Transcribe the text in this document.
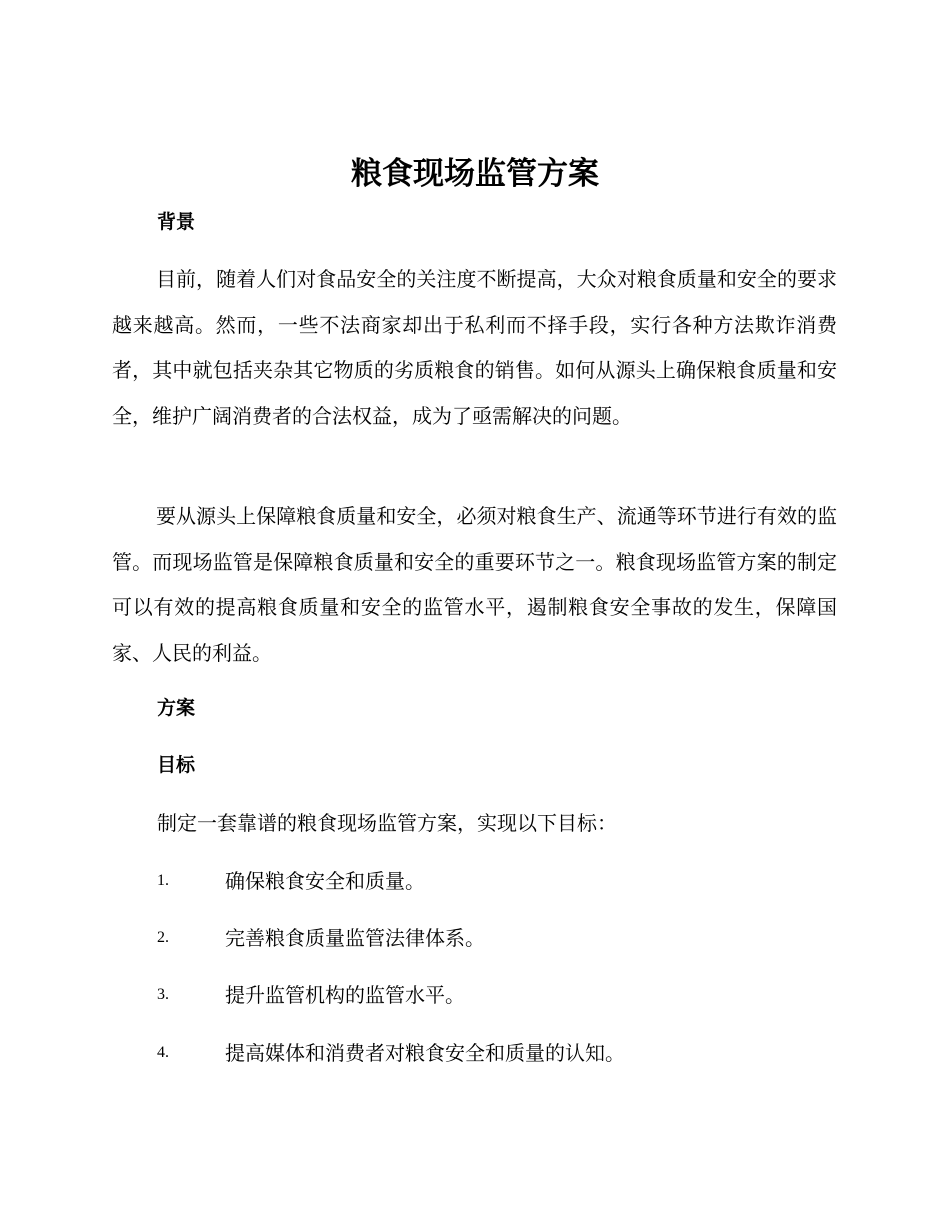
粮食现场监管方案
背景

目前，随着人们对食品安全的关注度不断提高，大众对粮食质量和安全的要求越来越高。然而，一些不法商家却出于私利而不择手段，实行各种方法欺诈消费者，其中就包括夹杂其它物质的劣质粮食的销售。如何从源头上确保粮食质量和安全，维护广阔消费者的合法权益，成为了亟需解决的问题。

要从源头上保障粮食质量和安全，必须对粮食生产、流通等环节进行有效的监管。而现场监管是保障粮食质量和安全的重要环节之一。粮食现场监管方案的制定可以有效的提高粮食质量和安全的监管水平，遏制粮食安全事故的发生，保障国家、人民的利益。

方案
目标

制定一套靠谱的粮食现场监管方案，实现以下目标：

1.	确保粮食安全和质量。
2.	完善粮食质量监管法律体系。
3.	提升监管机构的监管水平。
4.	提高媒体和消费者对粮食安全和质量的认知。
